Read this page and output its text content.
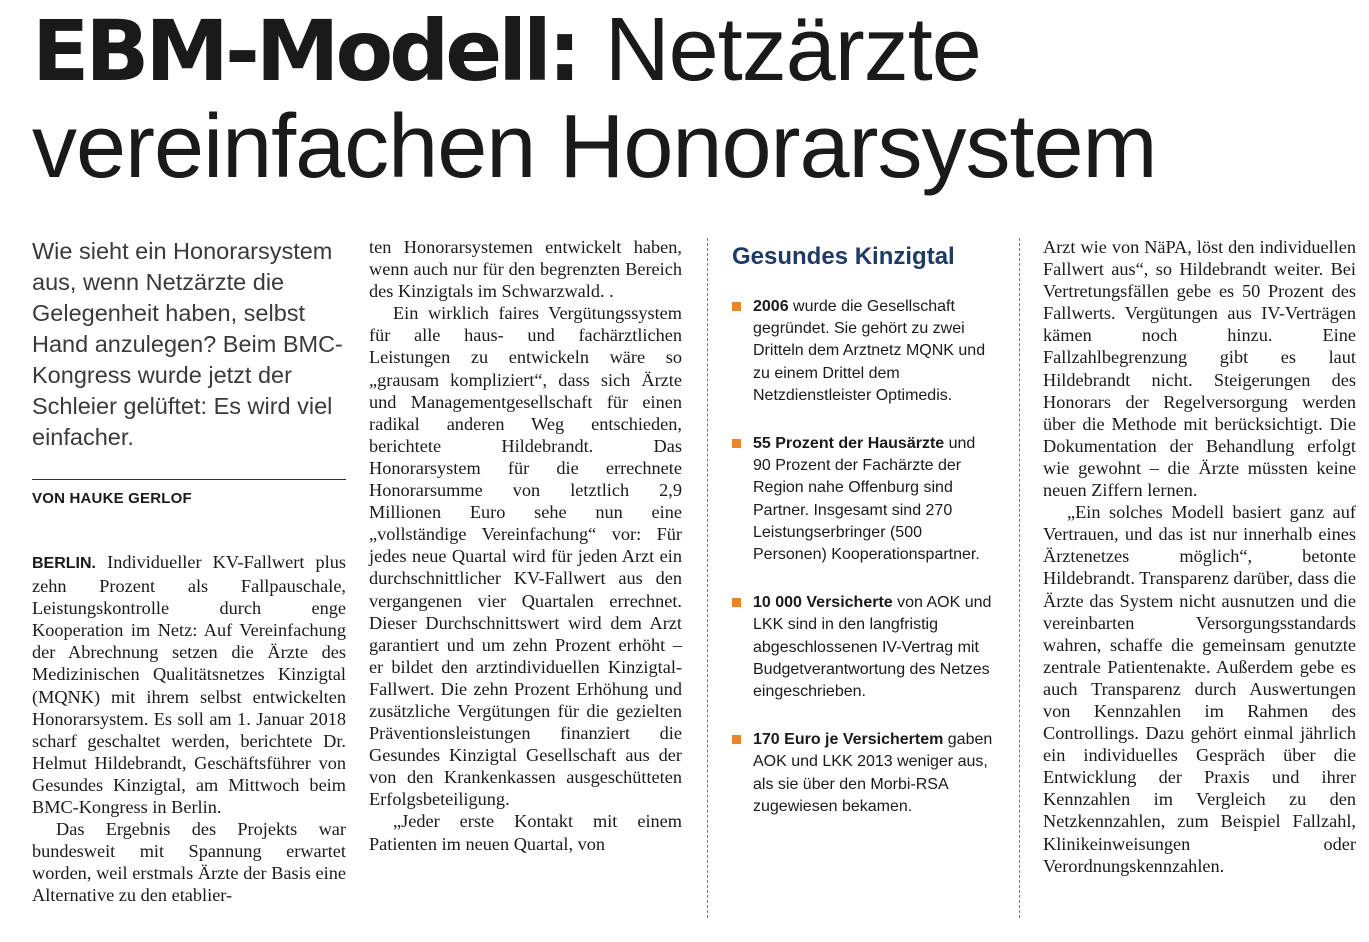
EBM-Modell: Netzärzte vereinfachen Honorarsystem

Wie sieht ein Honorarsystem aus, wenn Netzärzte die Gelegenheit haben, selbst Hand anzulegen? Beim BMC-Kongress wurde jetzt der Schleier gelüftet: Es wird viel einfacher.

VON HAUKE GERLOF

BERLIN. Individueller KV-Fallwert plus zehn Prozent als Fallpauschale, Leistungskontrolle durch enge Kooperation im Netz: Auf Vereinfachung der Abrechnung setzen die Ärzte des Medizinischen Qualitätsnetzes Kinzigtal (MQNK) mit ihrem selbst entwickelten Honorarsystem. Es soll am 1. Januar 2018 scharf geschaltet werden, berichtete Dr. Helmut Hildebrandt, Geschäftsführer von Gesundes Kinzigtal, am Mittwoch beim BMC-Kongress in Berlin.

Das Ergebnis des Projekts war bundesweit mit Spannung erwartet worden, weil erstmals Ärzte der Basis eine Alternative zu den etablier-

ten Honorarsystemen entwickelt haben, wenn auch nur für den begrenzten Bereich des Kinzigtals im Schwarzwald. .

Ein wirklich faires Vergütungssystem für alle haus- und fachärztlichen Leistungen zu entwickeln wäre so „grausam kompliziert“, dass sich Ärzte und Managementgesellschaft für einen radikal anderen Weg entschieden, berichtete Hildebrandt. Das Honorarsystem für die errechnete Honorarsumme von letztlich 2,9 Millionen Euro sehe nun eine „vollständige Vereinfachung“ vor: Für jedes neue Quartal wird für jeden Arzt ein durchschnittlicher KV-Fallwert aus den vergangenen vier Quartalen errechnet. Dieser Durchschnittswert wird dem Arzt garantiert und um zehn Prozent erhöht – er bildet den arztindividuellen Kinzigtal-Fallwert. Die zehn Prozent Erhöhung und zusätzliche Vergütungen für die gezielten Präventionsleistungen finanziert die Gesundes Kinzigtal Gesellschaft aus der von den Krankenkassen ausgeschütteten Erfolgsbeteiligung.

„Jeder erste Kontakt mit einem Patienten im neuen Quartal, von

Gesundes Kinzigtal
2006 wurde die Gesellschaft gegründet. Sie gehört zu zwei Dritteln dem Arztnetz MQNK und zu einem Drittel dem Netzdienstleister Optimedis.
55 Prozent der Hausärzte und 90 Prozent der Fachärzte der Region nahe Offenburg sind Partner. Insgesamt sind 270 Leistungserbringer (500 Personen) Kooperationspartner.
10 000 Versicherte von AOK und LKK sind in den langfristig abgeschlossenen IV-Vertrag mit Budgetverantwortung des Netzes eingeschrieben.
170 Euro je Versichertem gaben AOK und LKK 2013 weniger aus, als sie über den Morbi-RSA zugewiesen bekamen.

Arzt wie von NäPA, löst den individuellen Fallwert aus“, so Hildebrandt weiter. Bei Vertretungsfällen gebe es 50 Prozent des Fallwerts. Vergütungen aus IV-Verträgen kämen noch hinzu. Eine Fallzahlbegrenzung gibt es laut Hildebrandt nicht. Steigerungen des Honorars der Regelversorgung werden über die Methode mit berücksichtigt. Die Dokumentation der Behandlung erfolgt wie gewohnt – die Ärzte müssten keine neuen Ziffern lernen.

„Ein solches Modell basiert ganz auf Vertrauen, und das ist nur innerhalb eines Ärztenetzes möglich“, betonte Hildebrandt. Transparenz darüber, dass die Ärzte das System nicht ausnutzen und die vereinbarten Versorgungsstandards wahren, schaffe die gemeinsam genutzte zentrale Patientenakte. Außerdem gebe es auch Transparenz durch Auswertungen von Kennzahlen im Rahmen des Controllings. Dazu gehört einmal jährlich ein individuelles Gespräch über die Entwicklung der Praxis und ihrer Kennzahlen im Vergleich zu den Netzkennzahlen, zum Beispiel Fallzahl, Klinikeinweisungen oder Verordnungskennzahlen.
